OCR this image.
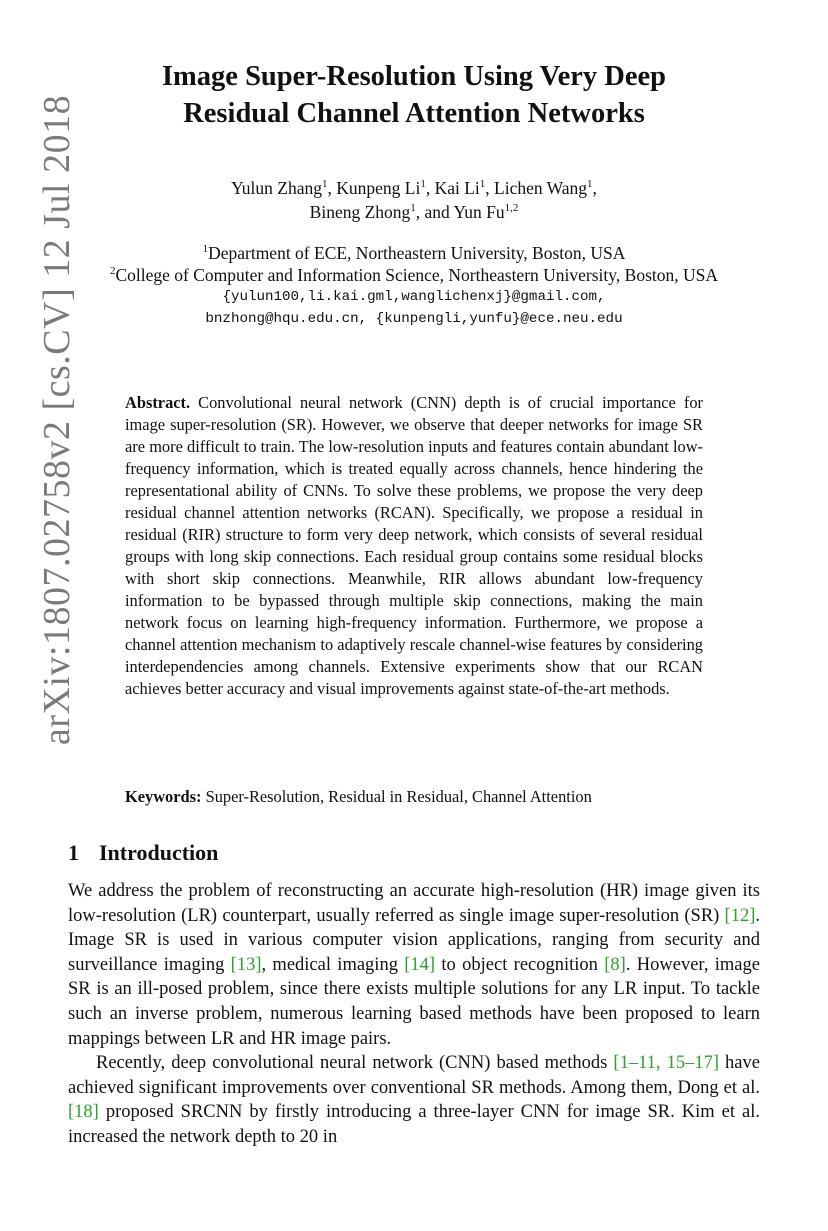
arXiv:1807.02758v2 [cs.CV] 12 Jul 2018
Image Super-Resolution Using Very Deep
Residual Channel Attention Networks
Yulun Zhang$^1$, Kunpeng Li$^1$, Kai Li$^1$, Lichen Wang$^1$,
Bineng Zhong$^1$, and Yun Fu$^{1,2}$
$^1$Department of ECE, Northeastern University, Boston, USA
$^2$College of Computer and Information Science, Northeastern University, Boston, USA
{yulun100,li.kai.gml,wanglichenxj}@gmail.com,
bnzhong@hqu.edu.cn, {kunpengli,yunfu}@ece.neu.edu
Abstract. Convolutional neural network (CNN) depth is of crucial importance for image super-resolution (SR). However, we observe that deeper networks for image SR are more difficult to train. The low-resolution inputs and features contain abundant low-frequency information, which is treated equally across channels, hence hindering the representational ability of CNNs. To solve these problems, we propose the very deep residual channel attention networks (RCAN). Specifically, we propose a residual in residual (RIR) structure to form very deep network, which consists of several residual groups with long skip connections. Each residual group contains some residual blocks with short skip connections. Meanwhile, RIR allows abundant low-frequency information to be bypassed through multiple skip connections, making the main network focus on learning high-frequency information. Furthermore, we propose a channel attention mechanism to adaptively rescale channel-wise features by considering interdependencies among channels. Extensive experiments show that our RCAN achieves better accuracy and visual improvements against state-of-the-art methods.
Keywords: Super-Resolution, Residual in Residual, Channel Attention
1 Introduction

We address the problem of reconstructing an accurate high-resolution (HR) image given its low-resolution (LR) counterpart, usually referred as single image super-resolution (SR) [12]. Image SR is used in various computer vision applications, ranging from security and surveillance imaging [13], medical imaging [14] to object recognition [8]. However, image SR is an ill-posed problem, since there exists multiple solutions for any LR input. To tackle such an inverse problem, numerous learning based methods have been proposed to learn mappings between LR and HR image pairs.

Recently, deep convolutional neural network (CNN) based methods [1–11, 15–17] have achieved significant improvements over conventional SR methods. Among them, Dong et al. [18] proposed SRCNN by firstly introducing a three-layer CNN for image SR. Kim et al. increased the network depth to 20 in
